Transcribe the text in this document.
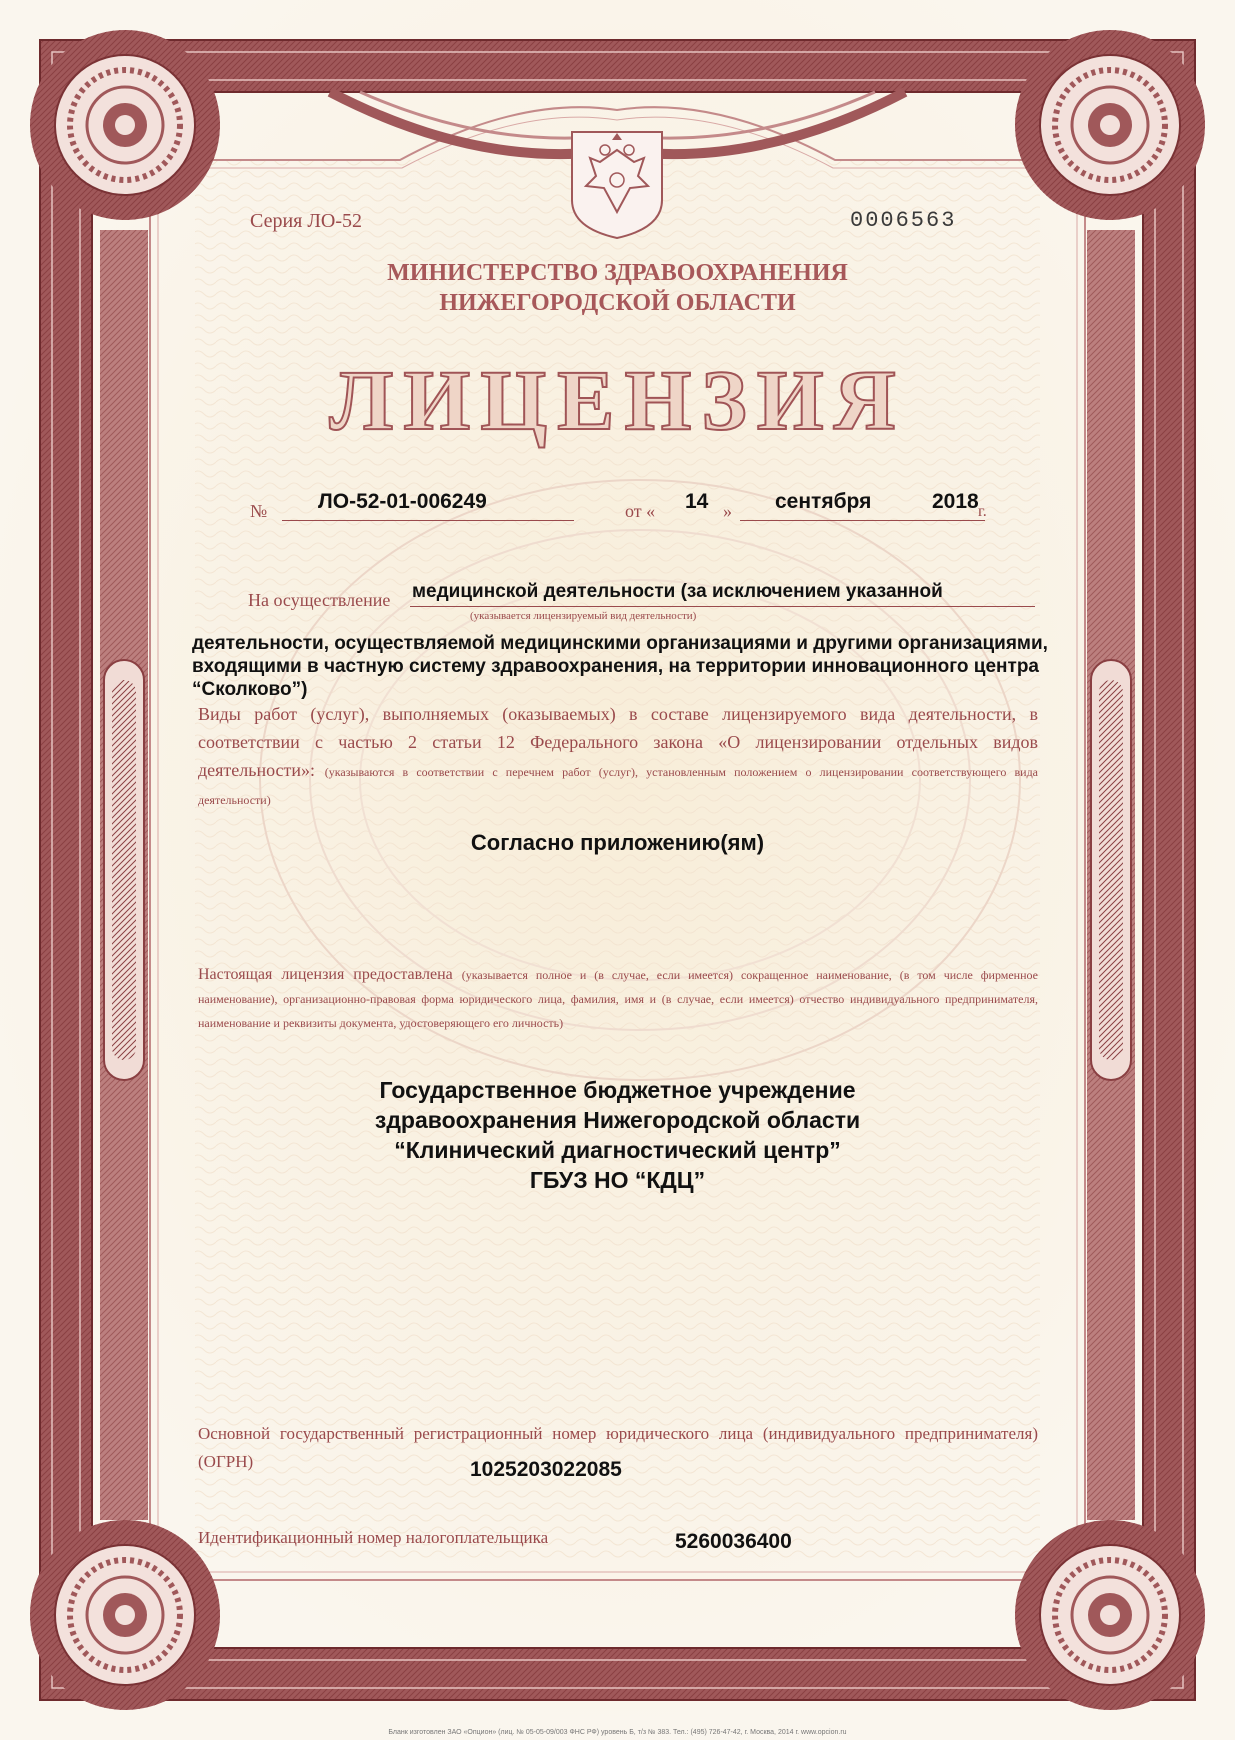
Серия ЛО-52	0006563
МИНИСТЕРСТВО ЗДРАВООХРАНЕНИЯ
НИЖЕГОРОДСКОЙ ОБЛАСТИ
ЛИЦЕНЗИЯ
№ ЛО-52-01-006249	от « 14 » сентября	2018 г.
На осуществление медицинской деятельности (за исключением указанной
(указывается лицензируемый вид деятельности)
деятельности, осуществляемой медицинскими организациями и другими организациями, входящими в частную систему здравоохранения, на территории инновационного центра “Сколково”)
Виды работ (услуг), выполняемых (оказываемых) в составе лицензируемого вида деятельности, в соответствии с частью 2 статьи 12 Федерального закона «О лицензировании отдельных видов деятельности»: (указываются в соответствии с перечнем работ (услуг), установленным положением о лицензировании соответствующего вида деятельности)
Согласно приложению(ям)
Настоящая лицензия предоставлена (указывается полное и (в случае, если имеется) сокращенное наименование, (в том числе фирменное наименование), организационно-правовая форма юридического лица, фамилия, имя и (в случае, если имеется) отчество индивидуального предпринимателя, наименование и реквизиты документа, удостоверяющего его личность)
Государственное бюджетное учреждение
здравоохранения Нижегородской области
“Клинический диагностический центр”
ГБУЗ НО “КДЦ”
Основной государственный регистрационный номер юридического лица (индивидуального предпринимателя) (ОГРН)	1025203022085
Идентификационный номер налогоплательщика	5260036400
Бланк изготовлен ЗАО «Опцион» (лиц. № 05-05-09/003 ФНС РФ) уровень Б, т/з № 383. Тел.: (495) 726-47-42, г. Москва, 2014 г. www.opcion.ru
